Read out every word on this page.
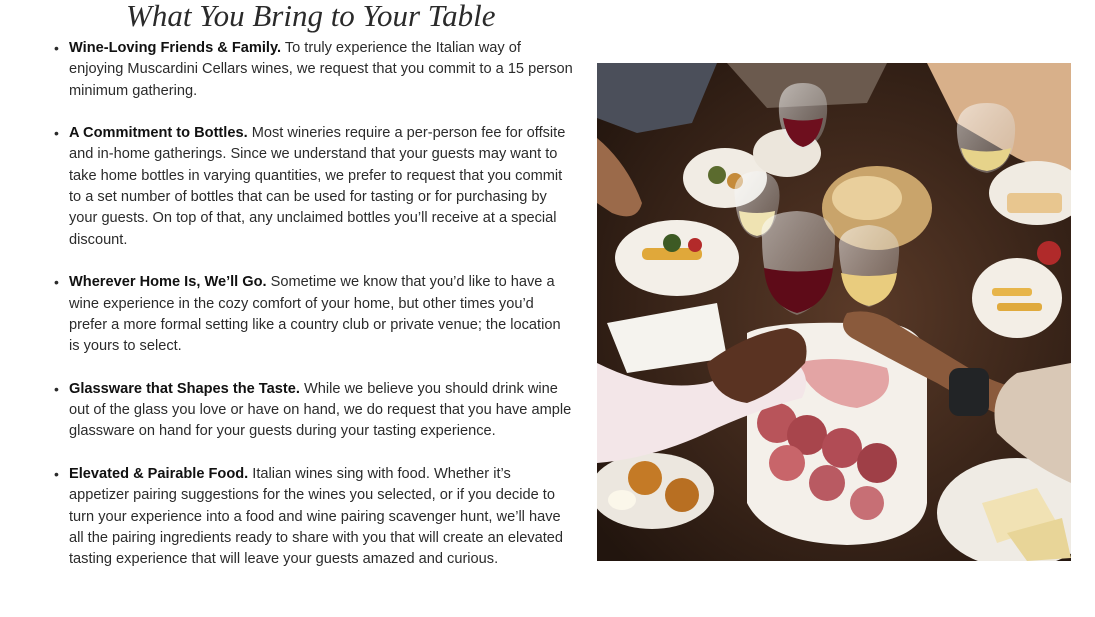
What You Bring to Your Table
• Wine-Loving Friends & Family. To truly experience the Italian way of enjoying Muscardini Cellars wines, we request that you commit to a 15 person minimum gathering.
• A Commitment to Bottles. Most wineries require a per-person fee for offsite and in-home gatherings. Since we understand that your guests may want to take home bottles in varying quantities, we prefer to request that you commit to a set number of bottles that can be used for tasting or for purchasing by your guests. On top of that, any unclaimed bottles you’ll receive at a special discount.
• Wherever Home Is, We’ll Go. Sometime we know that you’d like to have a wine experience in the cozy comfort of your home, but other times you’d prefer a more formal setting like a country club or private venue; the location is yours to select.
• Glassware that Shapes the Taste. While we believe you should drink wine out of the glass you love or have on hand, we do request that you have ample glassware on hand for your guests during your tasting experience.
• Elevated & Pairable Food. Italian wines sing with food. Whether it’s appetizer pairing suggestions for the wines you selected, or if you decide to turn your experience into a food and wine pairing scavenger hunt, we’ll have all the pairing ingredients ready to share with you that will create an elevated tasting experience that will leave your guests amazed and curious.
